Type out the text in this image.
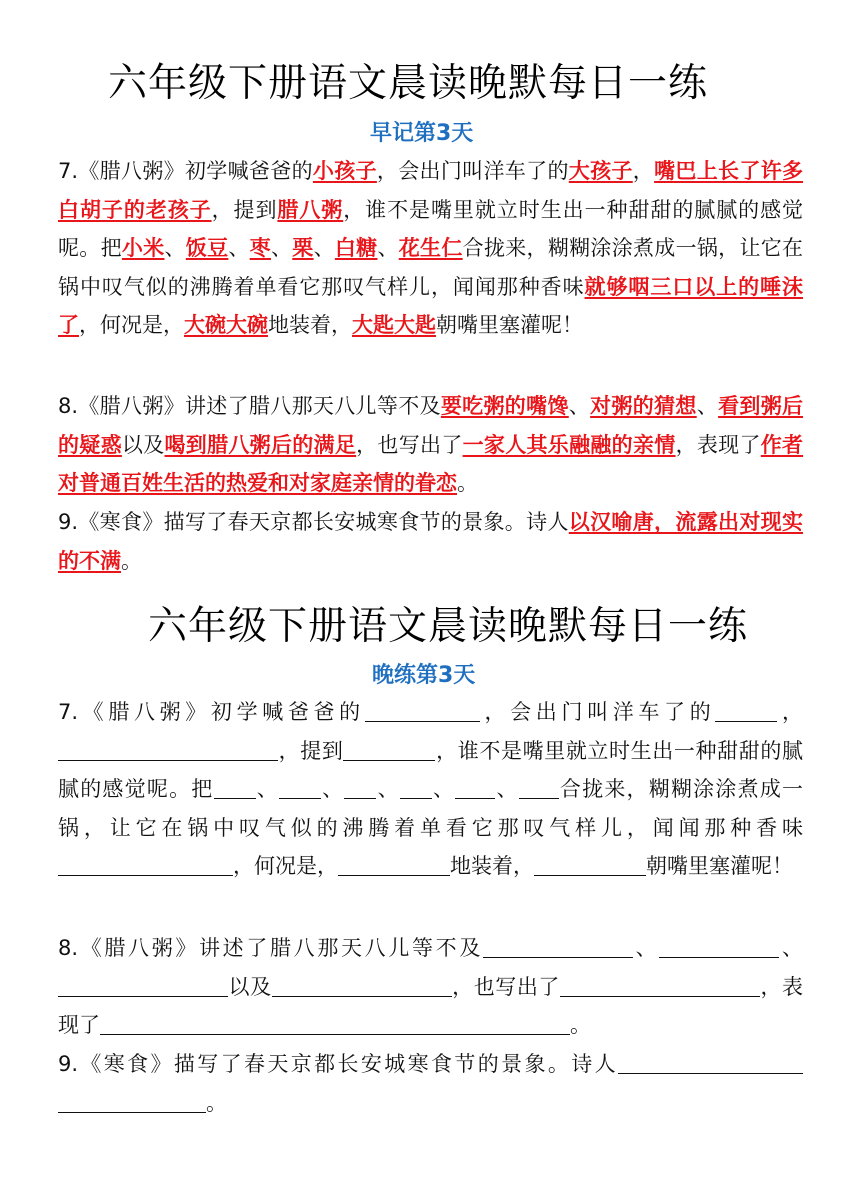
六年级下册语文晨读晚默每日一练
早记第3天
7.《腊八粥》初学喊爸爸的小孩子，会出门叫洋车了的大孩子，嘴巴上长了许多白胡子的老孩子，提到腊八粥，谁不是嘴里就立时生出一种甜甜的腻腻的感觉呢。把小米、饭豆、枣、栗、白糖、花生仁合拢来，糊糊涂涂煮成一锅，让它在锅中叹气似的沸腾着单看它那叹气样儿，闻闻那种香味就够咽三口以上的唾沫了，何况是，大碗大碗地装着，大匙大匙朝嘴里塞灌呢！
8.《腊八粥》讲述了腊八那天八儿等不及要吃粥的嘴馋、对粥的猜想、看到粥后的疑惑以及喝到腊八粥后的满足，也写出了一家人其乐融融的亲情，表现了作者对普通百姓生活的热爱和对家庭亲情的眷恋。
9.《寒食》描写了春天京都长安城寒食节的景象。诗人以汉喻唐，流露出对现实的不满。
六年级下册语文晨读晚默每日一练
晚练第3天
7.《腊八粥》初学喊爸爸的	，会出门叫洋车了的	，，提到	，谁不是嘴里就立时生出一种甜甜的腻腻的感觉呢。把 、 、 、 、 、 合拢来，糊糊涂涂煮成一锅，让它在锅中叹气似的沸腾着单看它那叹气样儿，闻闻那种香味，何况是，	地装着，	朝嘴里塞灌呢！
8.《腊八粥》讲述了腊八那天八儿等不及	、	、以及	，也写出了	，表现了	。
9.《寒食》描写了春天京都长安城寒食节的景象。诗人。
